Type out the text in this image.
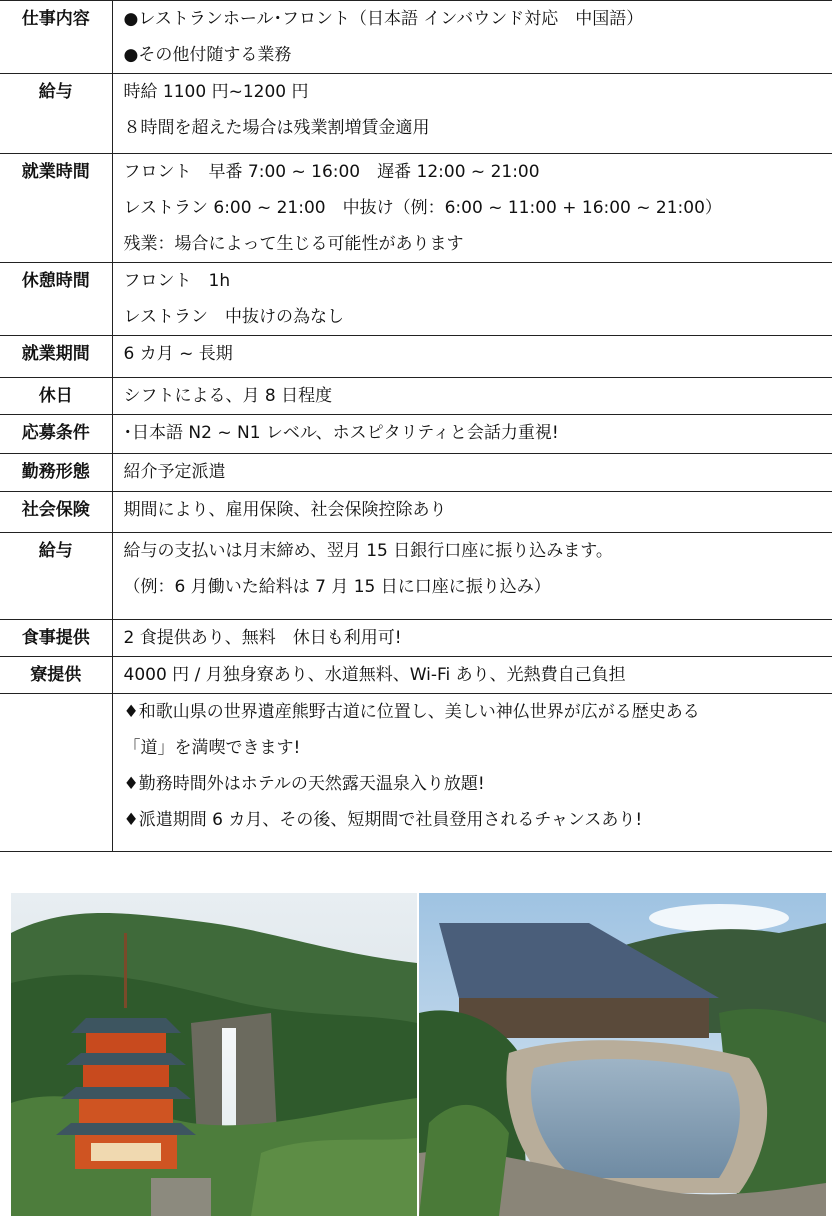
仕事内容	●レストランホール･フロント（日本語 インバウンド対応　中国語）
●その他付随する業務

給与	時給 1100 円~1200 円
８時間を超えた場合は残業割増賃金適用

就業時間	フロント　早番 7:00 ~ 16:00　遅番 12:00 ~ 21:00
レストラン 6:00 ~ 21:00　中抜け（例：6:00 ~ 11:00 + 16:00 ~ 21:00）
残業：場合によって生じる可能性があります

休憩時間	フロント　1h
レストラン　中抜けの為なし

就業期間	6 カ月 ~ 長期

休日	シフトによる、月 8 日程度

応募条件	･日本語 N2 ~ N1 レベル、ホスピタリティと会話力重視!

勤務形態	紹介予定派遣

社会保険	期間により、雇用保険、社会保険控除あり

給与	給与の支払いは月末締め、翌月 15 日銀行口座に振り込みます。
（例：6 月働いた給料は 7 月 15 日に口座に振り込み）

食事提供	2 食提供あり、無料　休日も利用可!

寮提供	4000 円 / 月独身寮あり、水道無料、Wi-Fi あり、光熱費自己負担

	♦和歌山県の世界遺産熊野古道に位置し、美しい神仏世界が広がる歴史ある
「道」を満喫できます!
♦勤務時間外はホテルの天然露天温泉入り放題!
♦派遣期間 6 カ月、その後、短期間で社員登用されるチャンスあり!
